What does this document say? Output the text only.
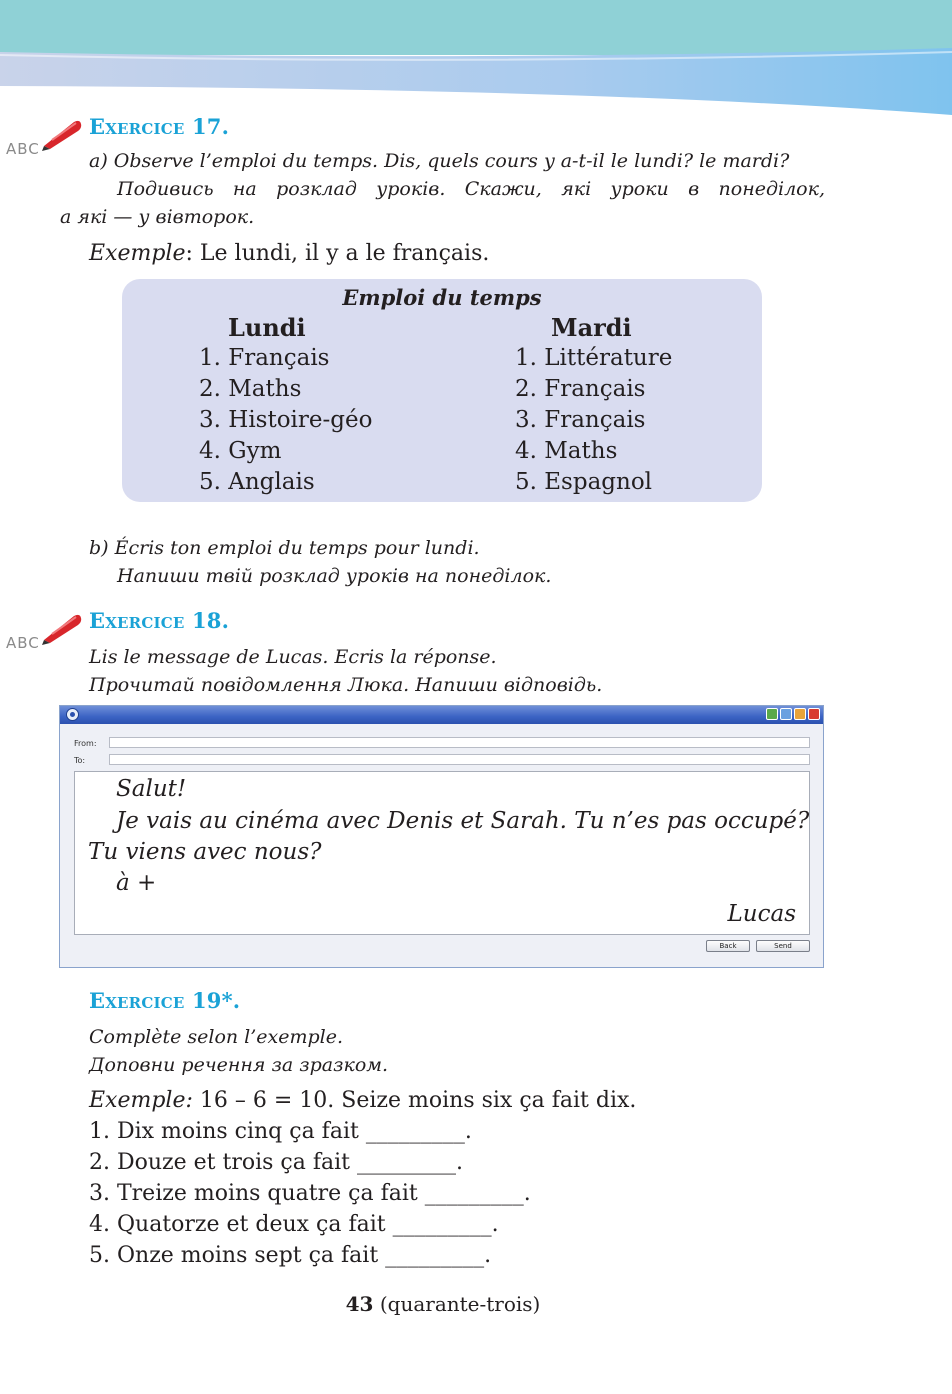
ABC
Exercice 17.
a) Observe l’emploi du temps. Dis, quels cours y a-t-il le lundi? le mardi?
Подивись на розклад уроків. Скажи, які уроки в понеділок,
а які — у вівторок.
Exemple: Le lundi, il y a le français.
Emploi du temps
Lundi	Mardi
1. Français
2. Maths
3. Histoire-géo
4. Gym
5. Anglais
1. Littérature
2. Français
3. Français
4. Maths
5. Espagnol
b) Écris ton emploi du temps pour lundi.
Напиши твій розклад уроків на понеділок.
ABC
Exercice 18.
Lis le message de Lucas. Ecris la réponse.
Прочитай повідомлення Люка. Напиши відповідь.
From:
To:
Salut!
Je vais au cinéma avec Denis et Sarah. Tu n’es pas occupé?
Tu viens avec nous?
à +
Lucas
Back	Send
Exercice 19*.
Complète selon l’exemple.
Доповни речення за зразком.
Exemple: 16 – 6 = 10. Seize moins six ça fait dix.
1. Dix moins cinq ça fait _________.
2. Douze et trois ça fait _________.
3. Treize moins quatre ça fait _________.
4. Quatorze et deux ça fait _________.
5. Onze moins sept ça fait _________.
43 (quarante-trois)
